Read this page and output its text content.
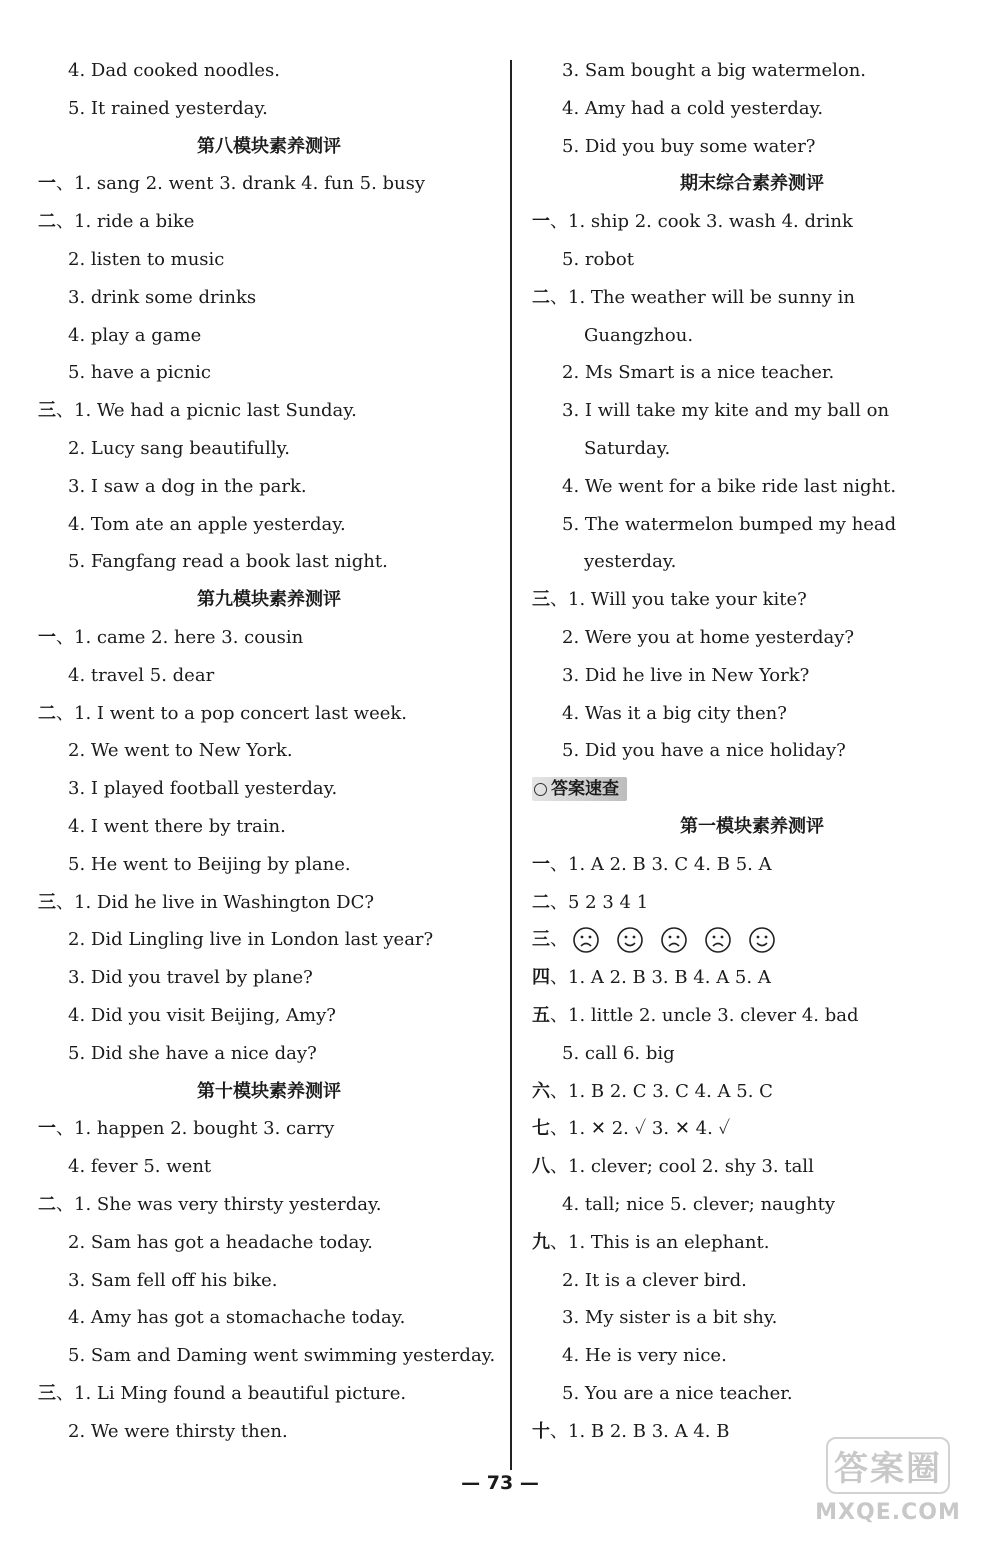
4. Dad cooked noodles.
5. It rained yesterday.
第八模块素养测评
一、1. sang 2. went 3. drank 4. fun 5. busy
二、1. ride a bike
2. listen to music
3. drink some drinks
4. play a game
5. have a picnic
三、1. We had a picnic last Sunday.
2. Lucy sang beautifully.
3. I saw a dog in the park.
4. Tom ate an apple yesterday.
5. Fangfang read a book last night.
第九模块素养测评
一、1. came 2. here 3. cousin
4. travel 5. dear
二、1. I went to a pop concert last week.
2. We went to New York.
3. I played football yesterday.
4. I went there by train.
5. He went to Beijing by plane.
三、1. Did he live in Washington DC?
2. Did Lingling live in London last year?
3. Did you travel by plane?
4. Did you visit Beijing, Amy?
5. Did she have a nice day?
第十模块素养测评
一、1. happen 2. bought 3. carry
4. fever 5. went
二、1. She was very thirsty yesterday.
2. Sam has got a headache today.
3. Sam fell off his bike.
4. Amy has got a stomachache today.
5. Sam and Daming went swimming yesterday.
三、1. Li Ming found a beautiful picture.
2. We were thirsty then.
3. Sam bought a big watermelon.
4. Amy had a cold yesterday.
5. Did you buy some water?
期末综合素养测评
一、1. ship 2. cook 3. wash 4. drink
5. robot
二、1. The weather will be sunny in
Guangzhou.
2. Ms Smart is a nice teacher.
3. I will take my kite and my ball on
Saturday.
4. We went for a bike ride last night.
5. The watermelon bumped my head
yesterday.
三、1. Will you take your kite?
2. Were you at home yesterday?
3. Did he live in New York?
4. Was it a big city then?
5. Did you have a nice holiday?
答案速查
第一模块素养测评
一、1. A 2. B 3. C 4. B 5. A
二、5 2 3 4 1
三、
四、1. A 2. B 3. B 4. A 5. A
五、1. little 2. uncle 3. clever 4. bad
5. call 6. big
六、1. B 2. C 3. C 4. A 5. C
七、1. ✕ 2. ✓ 3. ✕ 4. ✓
八、1. clever; cool 2. shy 3. tall
4. tall; nice 5. clever; naughty
九、1. This is an elephant.
2. It is a clever bird.
3. My sister is a bit shy.
4. He is very nice.
5. You are a nice teacher.
十、1. B 2. B 3. A 4. B
— 73 —	答案圈
MXQE.COM
